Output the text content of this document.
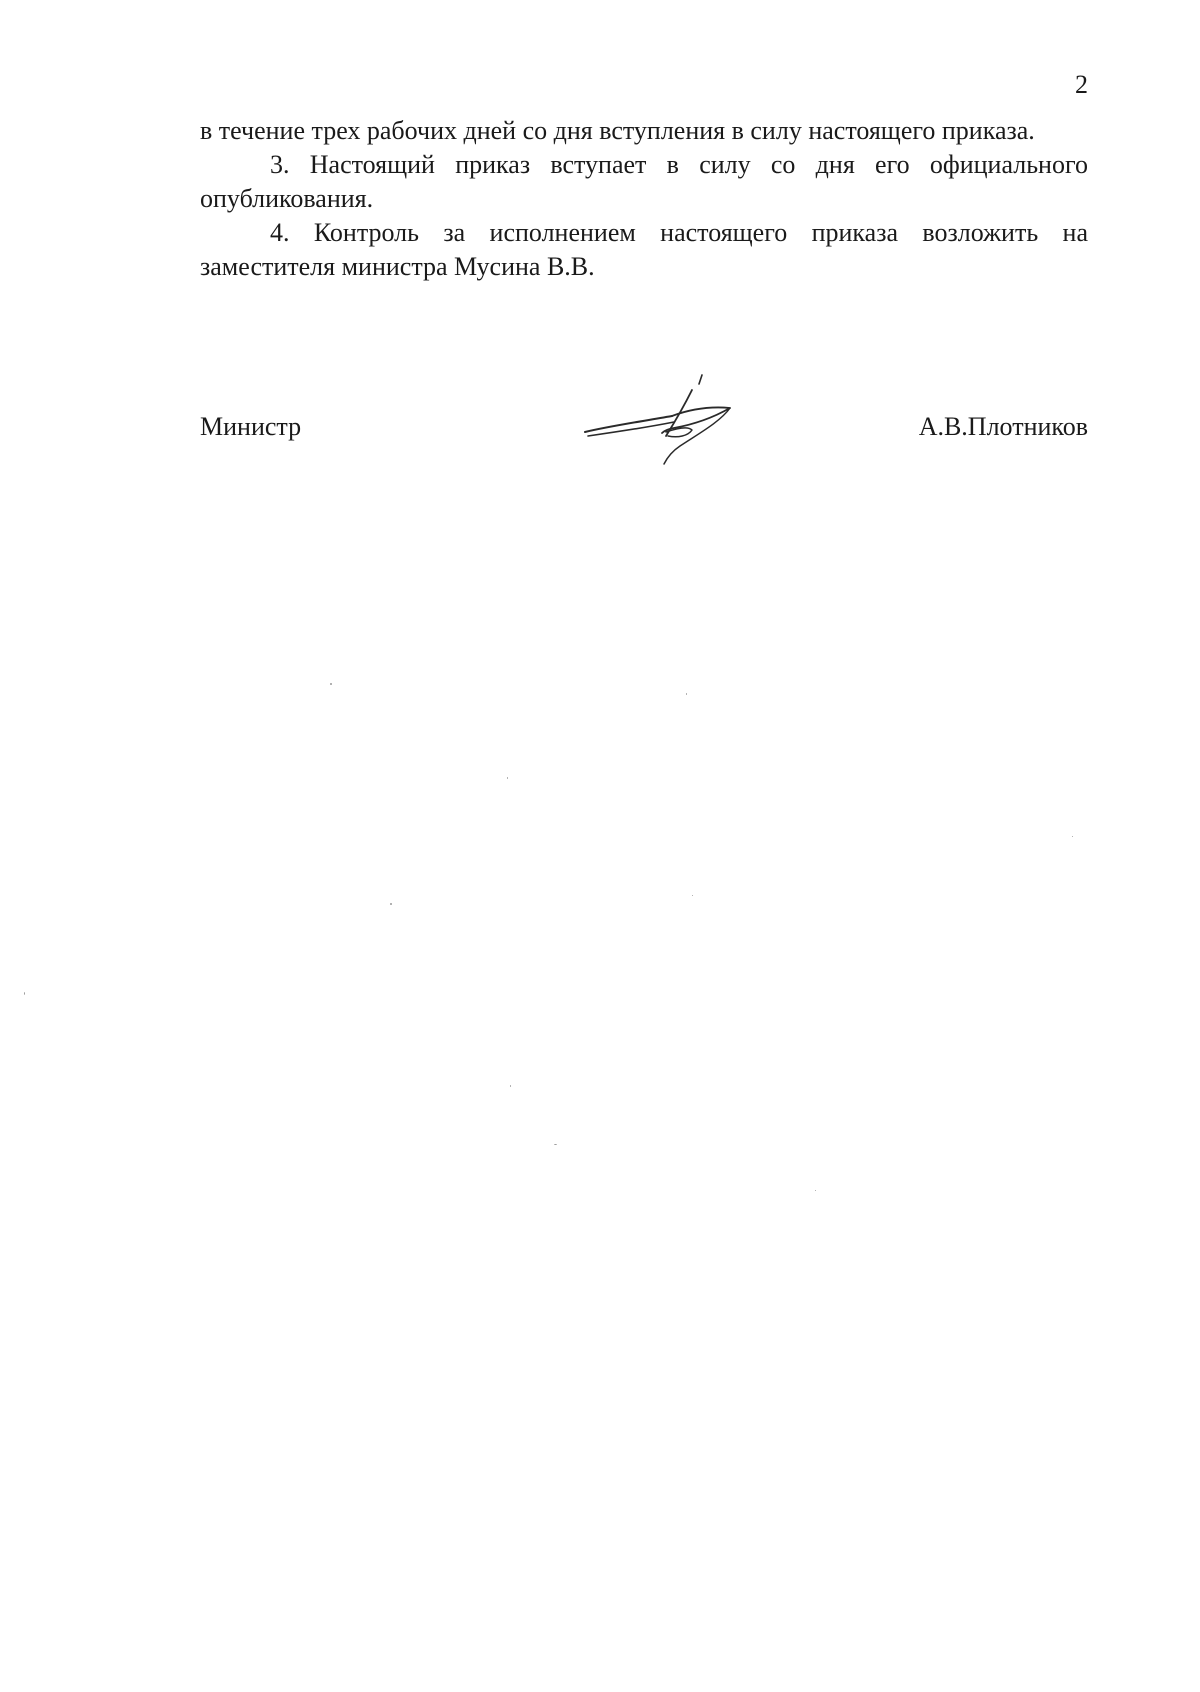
2

в течение трех рабочих дней со дня вступления в силу настоящего приказа.

3. Настоящий приказ вступает в силу со дня его официального опубликования.

4. Контроль за исполнением настоящего приказа возложить на заместителя министра Мусина В.В.

Министр	А.В.Плотников
